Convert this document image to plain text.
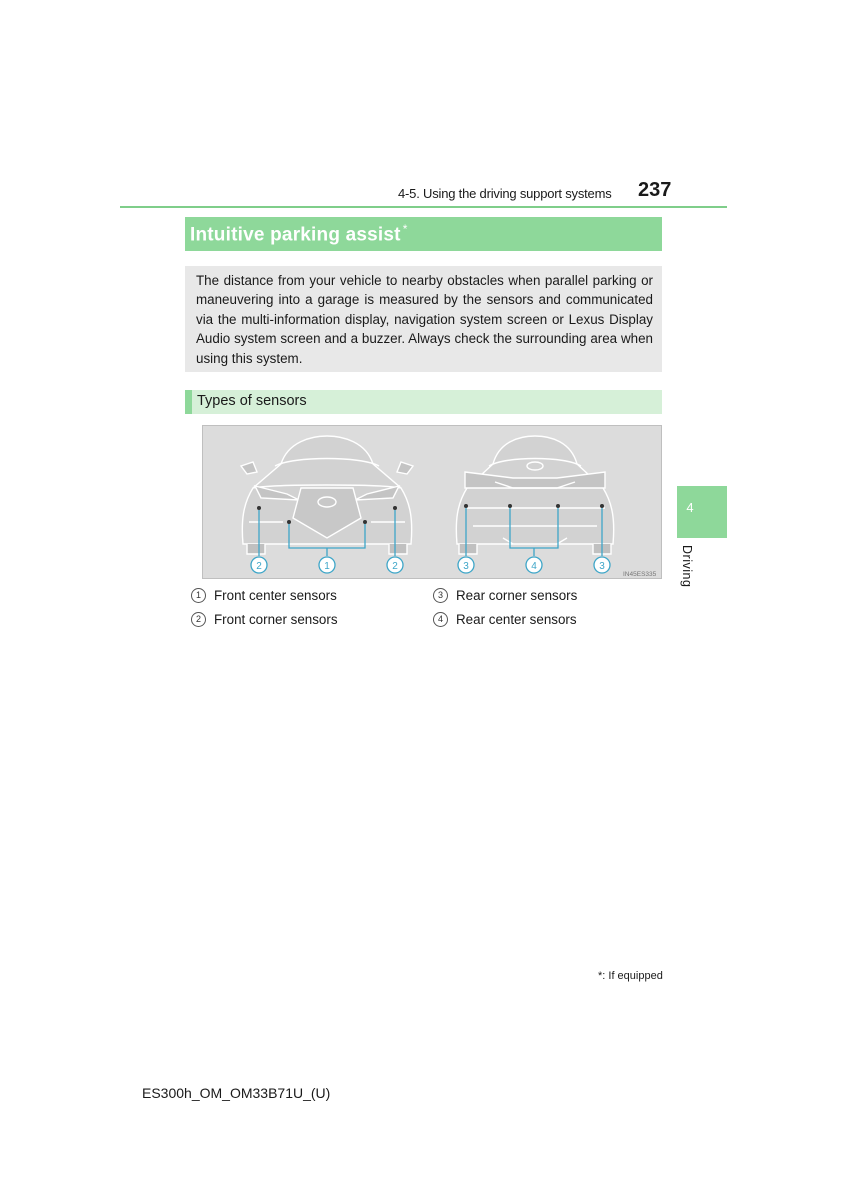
4-5. Using the driving support systems 237
Intuitive parking assist *
The distance from your vehicle to nearby obstacles when parallel parking or maneuvering into a garage is measured by the sensors and communicated via the multi-information display, navigation system screen or Lexus Display Audio system screen and a buzzer. Always check the surrounding area when using this system.
Types of sensors
2	1	2	3	4	3
IN45ES335
1 Front center sensors
2 Front corner sensors
3 Rear corner sensors
4 Rear center sensors
4
Driving
*: If equipped
ES300h_OM_OM33B71U_(U)
